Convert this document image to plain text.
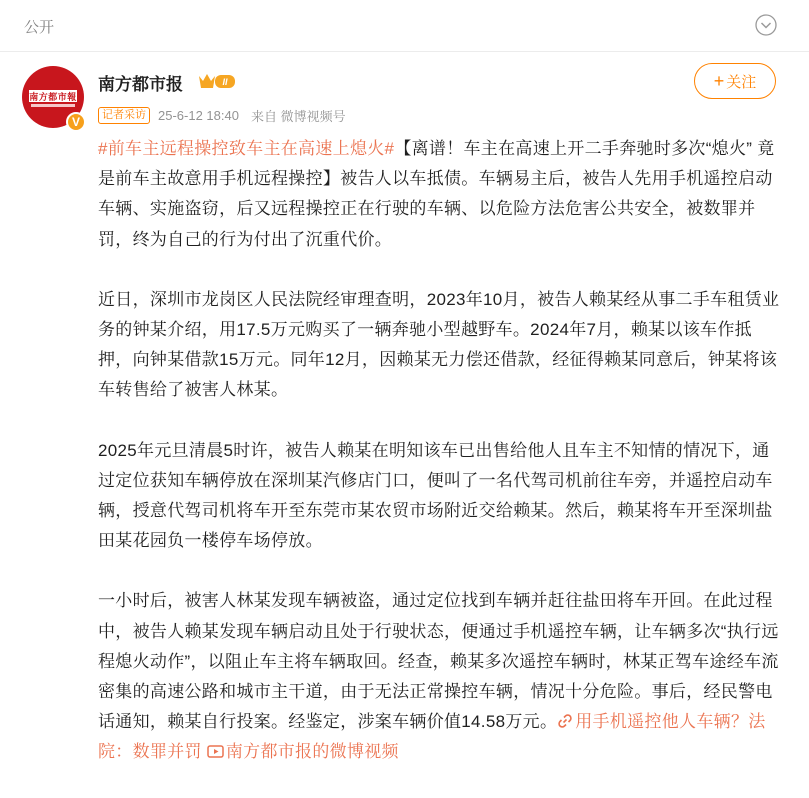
公开
南方都市報
V
南方都市报	II	+ 关注
记者采访 25-6-12 18:40 来自 微博视频号

#前车主远程操控致车主在高速上熄火#【离谱！车主在高速上开二手奔驰时多次“熄火” 竟是前车主故意用手机远程操控】被告人以车抵债。车辆易主后，被告人先用手机遥控启动车辆、实施盗窃，后又远程操控正在行驶的车辆、以危险方法危害公共安全，被数罪并罚，终为自己的行为付出了沉重代价。

近日，深圳市龙岗区人民法院经审理查明，2023年10月，被告人赖某经从事二手车租赁业务的钟某介绍，用17.5万元购买了一辆奔驰小型越野车。2024年7月，赖某以该车作抵押，向钟某借款15万元。同年12月，因赖某无力偿还借款，经征得赖某同意后，钟某将该车转售给了被害人林某。

2025年元旦清晨5时许，被告人赖某在明知该车已出售给他人且车主不知情的情况下，通过定位获知车辆停放在深圳某汽修店门口，便叫了一名代驾司机前往车旁，并遥控启动车辆，授意代驾司机将车开至东莞市某农贸市场附近交给赖某。然后，赖某将车开至深圳盐田某花园负一楼停车场停放。

一小时后，被害人林某发现车辆被盗，通过定位找到车辆并赶往盐田将车开回。在此过程中，被告人赖某发现车辆启动且处于行驶状态，便通过手机遥控车辆，让车辆多次“执行远程熄火动作”，以阻止车主将车辆取回。经查，赖某多次遥控车辆时，林某正驾车途经车流密集的高速公路和城市主干道，由于无法正常操控车辆，情况十分危险。事后，经民警电话通知，赖某自行投案。经鉴定，涉案车辆价值14.58万元。 用手机遥控他人车辆？法院：数罪并罚 南方都市报的微博视频
